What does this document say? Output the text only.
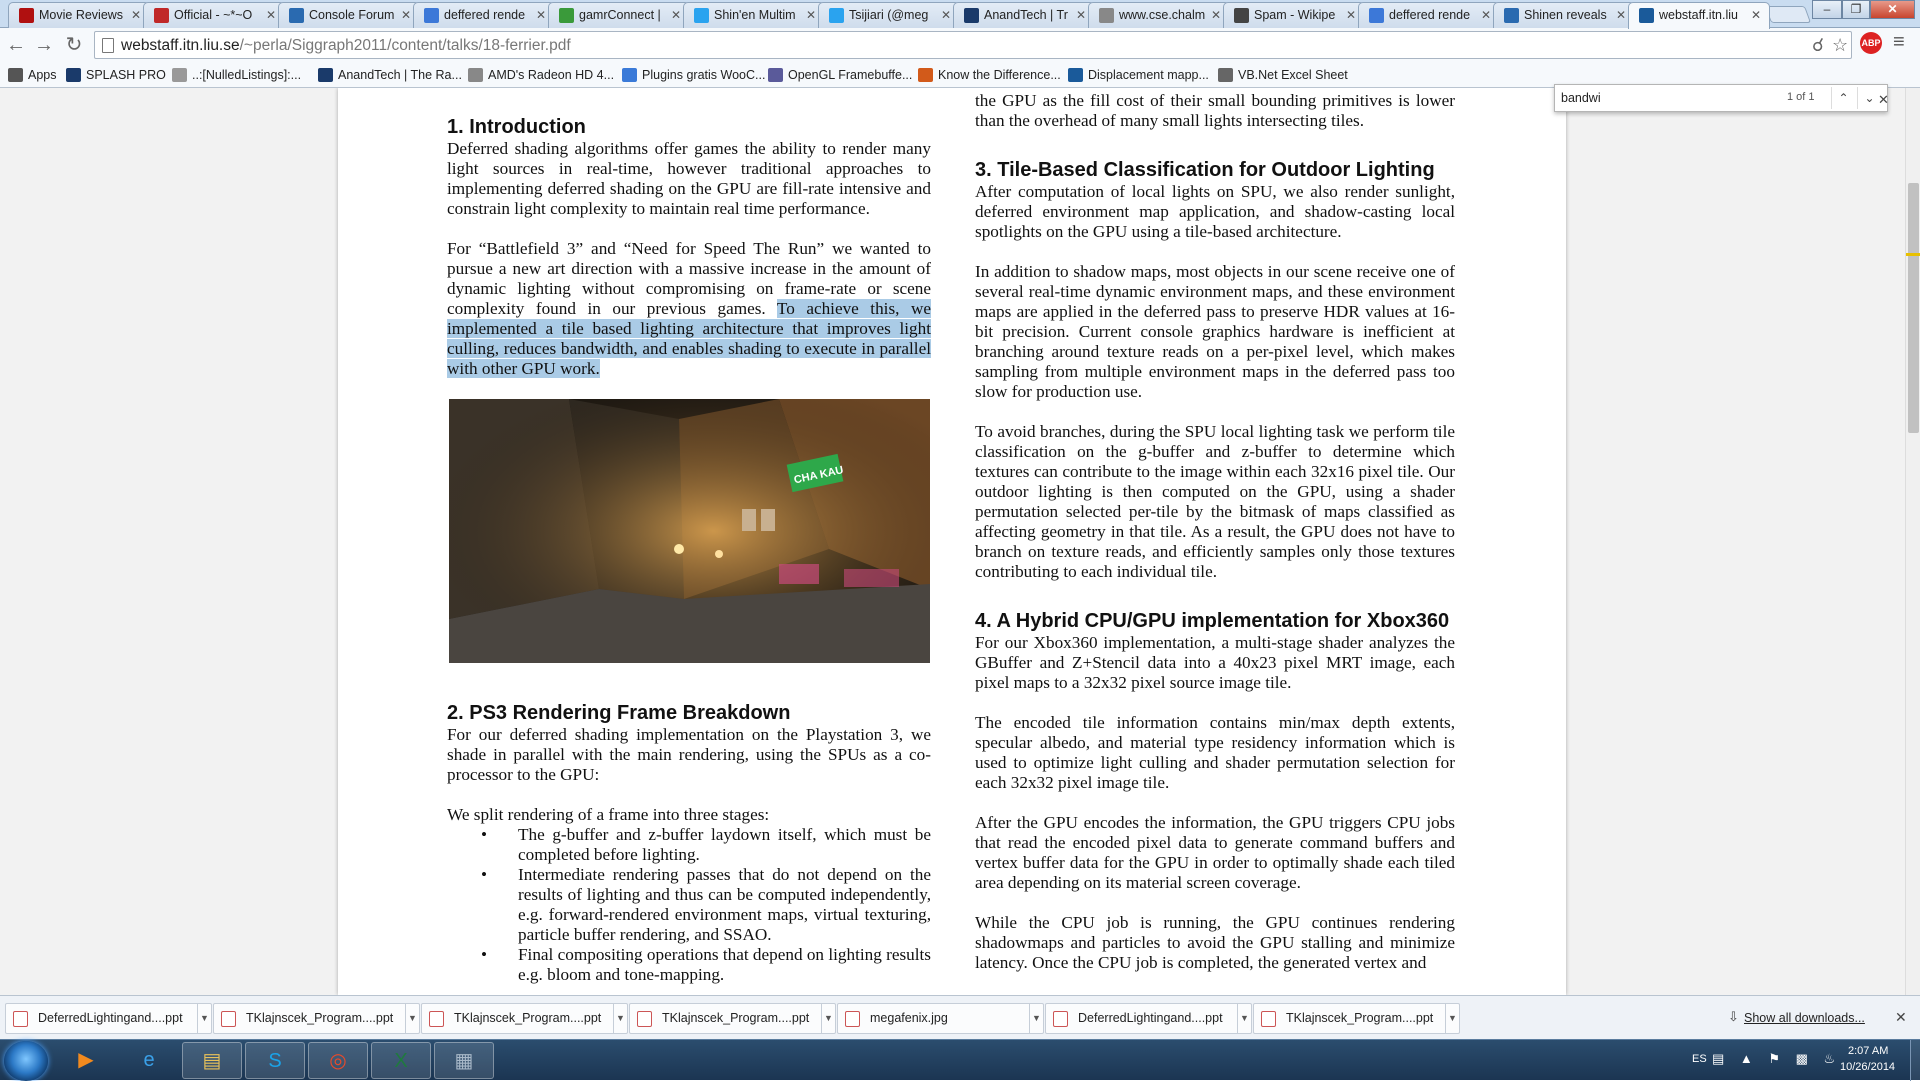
Movie Reviews ✕	Official - ~*~O ✕	Console Forum ✕	deffered rende ✕	gamrConnect | ✕	Shin'en Multim ✕	Tsijiari (@meg ✕	AnandTech | Tr ✕	www.cse.chalm ✕	Spam - Wikipe ✕	deffered rende ✕	Shinen reveals ✕	webstaff.itn.liu ✕	–	❐	✕
← → ↻ webstaff.itn.liu.se/~perla/Siggraph2011/content/talks/18-ferrier.pdf	☌ ☆ ABP ≡
Apps	SPLASH PRO	..:[NulledListings]:...	AnandTech | The Ra...	AMD's Radeon HD 4...	Plugins gratis WooC...	OpenGL Framebuffe...	Know the Difference...	Displacement mapp...	VB.Net Excel Sheet
bandwi
1 of 1	⌃	⌄ ✕
1. Introduction

Deferred shading algorithms offer games the ability to render many light sources in real-time, however traditional approaches to implementing deferred shading on the GPU are fill-rate intensive and constrain light complexity to maintain real time performance.

For “Battlefield 3” and “Need for Speed The Run” we wanted to pursue a new art direction with a massive increase in the amount of dynamic lighting without compromising on frame-rate or scene complexity found in our previous games. To achieve this, we implemented a tile based lighting architecture that improves light culling, reduces bandwidth, and enables shading to execute in parallel with other GPU work.

CHA KAU
2. PS3 Rendering Frame Breakdown

For our deferred shading implementation on the Playstation 3, we shade in parallel with the main rendering, using the SPUs as a co-processor to the GPU:

We split rendering of a frame into three stages:

• The g-buffer and z-buffer laydown itself, which must be completed before lighting.
• Intermediate rendering passes that do not depend on the results of lighting and thus can be computed independently, e.g. forward-rendered environment maps, virtual texturing, particle buffer rendering, and SSAO.
• Final compositing operations that depend on lighting results e.g. bloom and tone-mapping.

the GPU as the fill cost of their small bounding primitives is lower than the overhead of many small lights intersecting tiles.

3. Tile-Based Classification for Outdoor Lighting

After computation of local lights on SPU, we also render sunlight, deferred environment map application, and shadow-casting local spotlights on the GPU using a tile-based architecture.

In addition to shadow maps, most objects in our scene receive one of several real-time dynamic environment maps, and these environment maps are applied in the deferred pass to preserve HDR values at 16-bit precision. Current console graphics hardware is inefficient at branching around texture reads on a per-pixel level, which makes sampling from multiple environment maps in the deferred pass too slow for production use.

To avoid branches, during the SPU local lighting task we perform tile classification on the g-buffer and z-buffer to determine which textures can contribute to the image within each 32x16 pixel tile. Our outdoor lighting is then computed on the GPU, using a shader permutation selected per-tile by the bitmask of maps classified as affecting geometry in that tile. As a result, the GPU does not have to branch on texture reads, and efficiently samples only those textures contributing to each individual tile.

4. A Hybrid CPU/GPU implementation for Xbox360

For our Xbox360 implementation, a multi-stage shader analyzes the GBuffer and Z+Stencil data into a 40x23 pixel MRT image, each pixel maps to a 32x32 pixel source image tile.

The encoded tile information contains min/max depth extents, specular albedo, and material type residency information which is used to optimize light culling and shader permutation selection for each 32x32 pixel image tile.

After the GPU encodes the information, the GPU triggers CPU jobs that read the encoded pixel data to generate command buffers and vertex buffer data for the GPU in order to optimally shade each tiled area depending on its material screen coverage.

While the CPU job is running, the GPU continues rendering shadowmaps and particles to avoid the GPU stalling and minimize latency. Once the CPU job is completed, the generated vertex and

Show all downloads...
⇩	✕
DeferredLightingand....ppt	▼	TKlajnscek_Program....ppt	▼	TKlajnscek_Program....ppt	▼	TKlajnscek_Program....ppt	▼	megafenix.jpg	▼	DeferredLightingand....ppt	▼	TKlajnscek_Program....ppt	▼
ES ▤ ▲ ⚑ ▩ ♨ 2:07 AM
10/26/2014
▶	e	▤	S	◎	X	▦
